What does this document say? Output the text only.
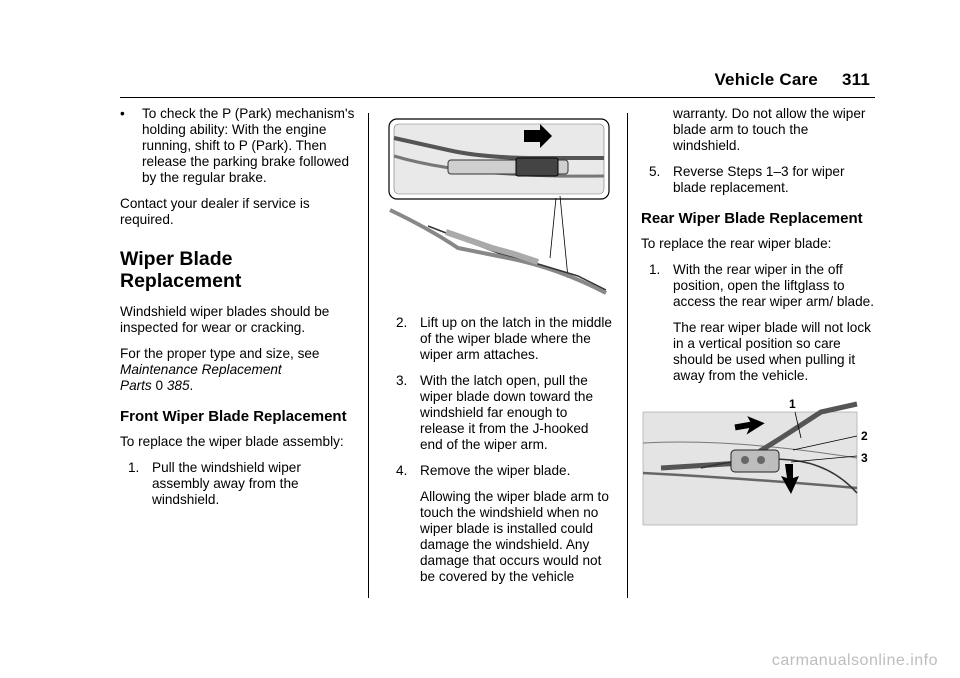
Vehicle Care 311

• To check the P (Park) mechanism's holding ability: With the engine running, shift to P (Park). Then release the parking brake followed by the regular brake.

Contact your dealer if service is required.

Wiper Blade Replacement

Windshield wiper blades should be inspected for wear or cracking.

For the proper type and size, see
Maintenance Replacement
Parts 0 385.

Front Wiper Blade Replacement

To replace the wiper blade assembly:

1. Pull the windshield wiper assembly away from the windshield.
2. Lift up on the latch in the middle of the wiper blade where the wiper arm attaches.
3. With the latch open, pull the wiper blade down toward the windshield far enough to release it from the J-hooked end of the wiper arm.
4. Remove the wiper blade.

Allowing the wiper blade arm to touch the windshield when no wiper blade is installed could damage the windshield. Any damage that occurs would not be covered by the vehicle

warranty. Do not allow the wiper blade arm to touch the windshield.

5. Reverse Steps 1–3 for wiper blade replacement.
Rear Wiper Blade Replacement

To replace the rear wiper blade:

1. With the rear wiper in the off position, open the liftglass to access the rear wiper arm/ blade.

The rear wiper blade will not lock in a vertical position so care should be used when pulling it away from the vehicle.

1
2
3
carmanualsonline.info
